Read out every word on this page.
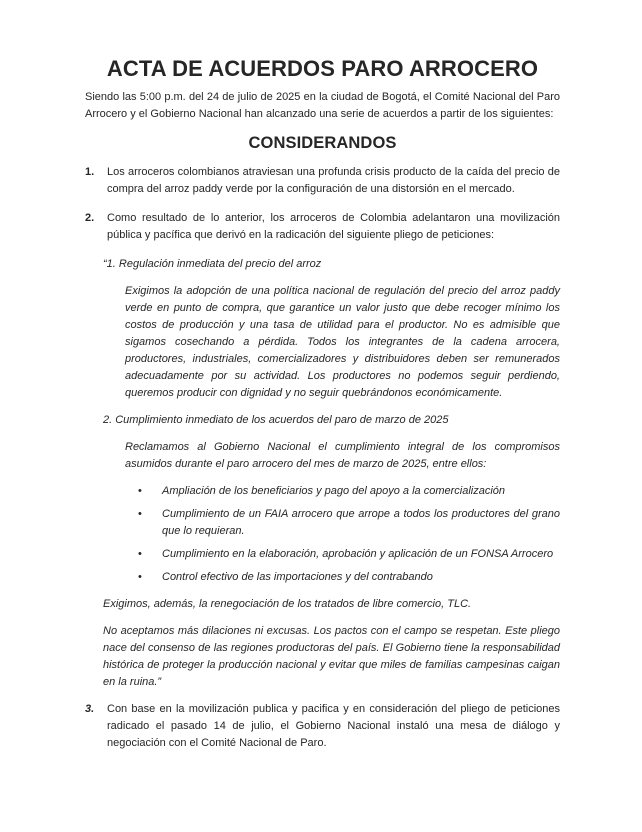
ACTA DE ACUERDOS PARO ARROCERO

Siendo las 5:00 p.m. del 24 de julio de 2025 en la ciudad de Bogotá, el Comité Nacional del Paro Arrocero y el Gobierno Nacional han alcanzado una serie de acuerdos a partir de los siguientes:

CONSIDERANDOS
1.	Los arroceros colombianos atraviesan una profunda crisis producto de la caída del precio de compra del arroz paddy verde por la configuración de una distorsión en el mercado.
2.	Como resultado de lo anterior, los arroceros de Colombia adelantaron una movilización pública y pacífica que derivó en la radicación del siguiente pliego de peticiones:

“1. Regulación inmediata del precio del arroz

Exigimos la adopción de una política nacional de regulación del precio del arroz paddy verde en punto de compra, que garantice un valor justo que debe recoger mínimo los costos de producción y una tasa de utilidad para el productor. No es admisible que sigamos cosechando a pérdida. Todos los integrantes de la cadena arrocera, productores, industriales, comercializadores y distribuidores deben ser remunerados adecuadamente por su actividad. Los productores no podemos seguir perdiendo, queremos producir con dignidad y no seguir quebrándonos económicamente.

2. Cumplimiento inmediato de los acuerdos del paro de marzo de 2025

Reclamamos al Gobierno Nacional el cumplimiento integral de los compromisos asumidos durante el paro arrocero del mes de marzo de 2025, entre ellos:

•	Ampliación de los beneficiarios y pago del apoyo a la comercialización
•	Cumplimiento de un FAIA arrocero que arrope a todos los productores del grano que lo requieran.
•	Cumplimiento en la elaboración, aprobación y aplicación de un FONSA Arrocero
•	Control efectivo de las importaciones y del contrabando

Exigimos, además, la renegociación de los tratados de libre comercio, TLC.

No aceptamos más dilaciones ni excusas. Los pactos con el campo se respetan. Este pliego nace del consenso de las regiones productoras del país. El Gobierno tiene la responsabilidad histórica de proteger la producción nacional y evitar que miles de familias campesinas caigan en la ruina.”

3.	Con base en la movilización publica y pacifica y en consideración del pliego de peticiones radicado el pasado 14 de julio, el Gobierno Nacional instaló una mesa de diálogo y negociación con el Comité Nacional de Paro.
